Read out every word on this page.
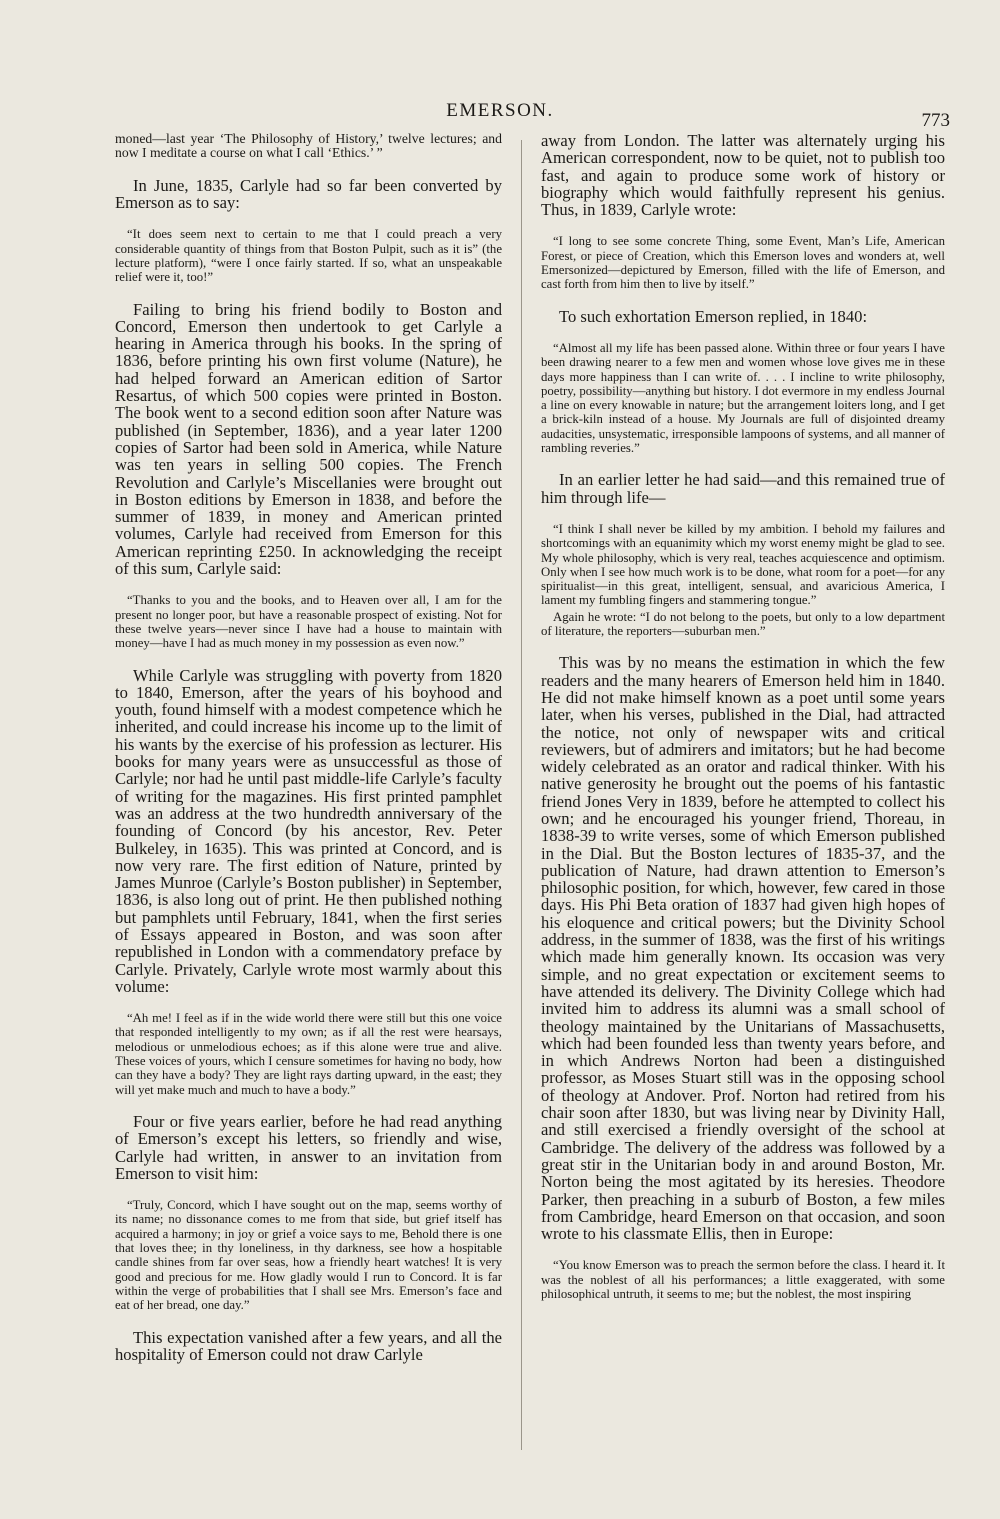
EMERSON.	773

moned—last year ‘The Philosophy of History,’ twelve lectures; and now I meditate a course on what I call ‘Ethics.’ ”

In June, 1835, Carlyle had so far been converted by Emerson as to say:

“It does seem next to certain to me that I could preach a very considerable quantity of things from that Boston Pulpit, such as it is” (the lecture platform), “were I once fairly started. If so, what an unspeakable relief were it, too!”

Failing to bring his friend bodily to Boston and Concord, Emerson then undertook to get Carlyle a hearing in America through his books. In the spring of 1836, before printing his own first volume (Nature), he had helped forward an American edition of Sartor Resartus, of which 500 copies were printed in Boston. The book went to a second edition soon after Nature was published (in September, 1836), and a year later 1200 copies of Sartor had been sold in America, while Nature was ten years in selling 500 copies. The French Revolution and Carlyle’s Miscellanies were brought out in Boston editions by Emerson in 1838, and before the summer of 1839, in money and American printed volumes, Carlyle had received from Emerson for this American reprinting £250. In acknowledging the receipt of this sum, Carlyle said:

“Thanks to you and the books, and to Heaven over all, I am for the present no longer poor, but have a reasonable prospect of existing. Not for these twelve years—never since I have had a house to maintain with money—have I had as much money in my possession as even now.”

While Carlyle was struggling with poverty from 1820 to 1840, Emerson, after the years of his boyhood and youth, found himself with a modest competence which he inherited, and could increase his income up to the limit of his wants by the exercise of his profession as lecturer. His books for many years were as unsuccessful as those of Carlyle; nor had he until past middle-life Carlyle’s faculty of writing for the magazines. His first printed pamphlet was an address at the two hundredth anniversary of the founding of Concord (by his ancestor, Rev. Peter Bulkeley, in 1635). This was printed at Concord, and is now very rare. The first edition of Nature, printed by James Munroe (Carlyle’s Boston publisher) in September, 1836, is also long out of print. He then published nothing but pamphlets until February, 1841, when the first series of Essays appeared in Boston, and was soon after republished in London with a commendatory preface by Carlyle. Privately, Carlyle wrote most warmly about this volume:

“Ah me! I feel as if in the wide world there were still but this one voice that responded intelligently to my own; as if all the rest were hearsays, melodious or unmelodious echoes; as if this alone were true and alive. These voices of yours, which I censure sometimes for having no body, how can they have a body? They are light rays darting upward, in the east; they will yet make much and much to have a body.”

Four or five years earlier, before he had read anything of Emerson’s except his letters, so friendly and wise, Carlyle had written, in answer to an invitation from Emerson to visit him:

“Truly, Concord, which I have sought out on the map, seems worthy of its name; no dissonance comes to me from that side, but grief itself has acquired a harmony; in joy or grief a voice says to me, Behold there is one that loves thee; in thy loneliness, in thy darkness, see how a hospitable candle shines from far over seas, how a friendly heart watches! It is very good and precious for me. How gladly would I run to Concord. It is far within the verge of probabilities that I shall see Mrs. Emerson’s face and eat of her bread, one day.”

This expectation vanished after a few years, and all the hospitality of Emerson could not draw Carlyle

away from London. The latter was alternately urging his American correspondent, now to be quiet, not to publish too fast, and again to produce some work of history or biography which would faithfully represent his genius. Thus, in 1839, Carlyle wrote:

“I long to see some concrete Thing, some Event, Man’s Life, American Forest, or piece of Creation, which this Emerson loves and wonders at, well Emersonized—depictured by Emerson, filled with the life of Emerson, and cast forth from him then to live by itself.”

To such exhortation Emerson replied, in 1840:

“Almost all my life has been passed alone. Within three or four years I have been drawing nearer to a few men and women whose love gives me in these days more happiness than I can write of. . . . I incline to write philosophy, poetry, possibility—anything but history. I dot evermore in my endless Journal a line on every knowable in nature; but the arrangement loiters long, and I get a brick-kiln instead of a house. My Journals are full of disjointed dreamy audacities, unsystematic, irresponsible lampoons of systems, and all manner of rambling reveries.”

In an earlier letter he had said—and this remained true of him through life—

“I think I shall never be killed by my ambition. I behold my failures and shortcomings with an equanimity which my worst enemy might be glad to see. My whole philosophy, which is very real, teaches acquiescence and optimism. Only when I see how much work is to be done, what room for a poet—for any spiritualist—in this great, intelligent, sensual, and avaricious America, I lament my fumbling fingers and stammering tongue.”

Again he wrote: “I do not belong to the poets, but only to a low department of literature, the reporters—suburban men.”

This was by no means the estimation in which the few readers and the many hearers of Emerson held him in 1840. He did not make himself known as a poet until some years later, when his verses, published in the Dial, had attracted the notice, not only of newspaper wits and critical reviewers, but of admirers and imitators; but he had become widely celebrated as an orator and radical thinker. With his native generosity he brought out the poems of his fantastic friend Jones Very in 1839, before he attempted to collect his own; and he encouraged his younger friend, Thoreau, in 1838-39 to write verses, some of which Emerson published in the Dial. But the Boston lectures of 1835-37, and the publication of Nature, had drawn attention to Emerson’s philosophic position, for which, however, few cared in those days. His Phi Beta oration of 1837 had given high hopes of his eloquence and critical powers; but the Divinity School address, in the summer of 1838, was the first of his writings which made him generally known. Its occasion was very simple, and no great expectation or excitement seems to have attended its delivery. The Divinity College which had invited him to address its alumni was a small school of theology maintained by the Unitarians of Massachusetts, which had been founded less than twenty years before, and in which Andrews Norton had been a distinguished professor, as Moses Stuart still was in the opposing school of theology at Andover. Prof. Norton had retired from his chair soon after 1830, but was living near by Divinity Hall, and still exercised a friendly oversight of the school at Cambridge. The delivery of the address was followed by a great stir in the Unitarian body in and around Boston, Mr. Norton being the most agitated by its heresies. Theodore Parker, then preaching in a suburb of Boston, a few miles from Cambridge, heard Emerson on that occasion, and soon wrote to his classmate Ellis, then in Europe:

“You know Emerson was to preach the sermon before the class. I heard it. It was the noblest of all his performances; a little exaggerated, with some philosophical untruth, it seems to me; but the noblest, the most inspiring
